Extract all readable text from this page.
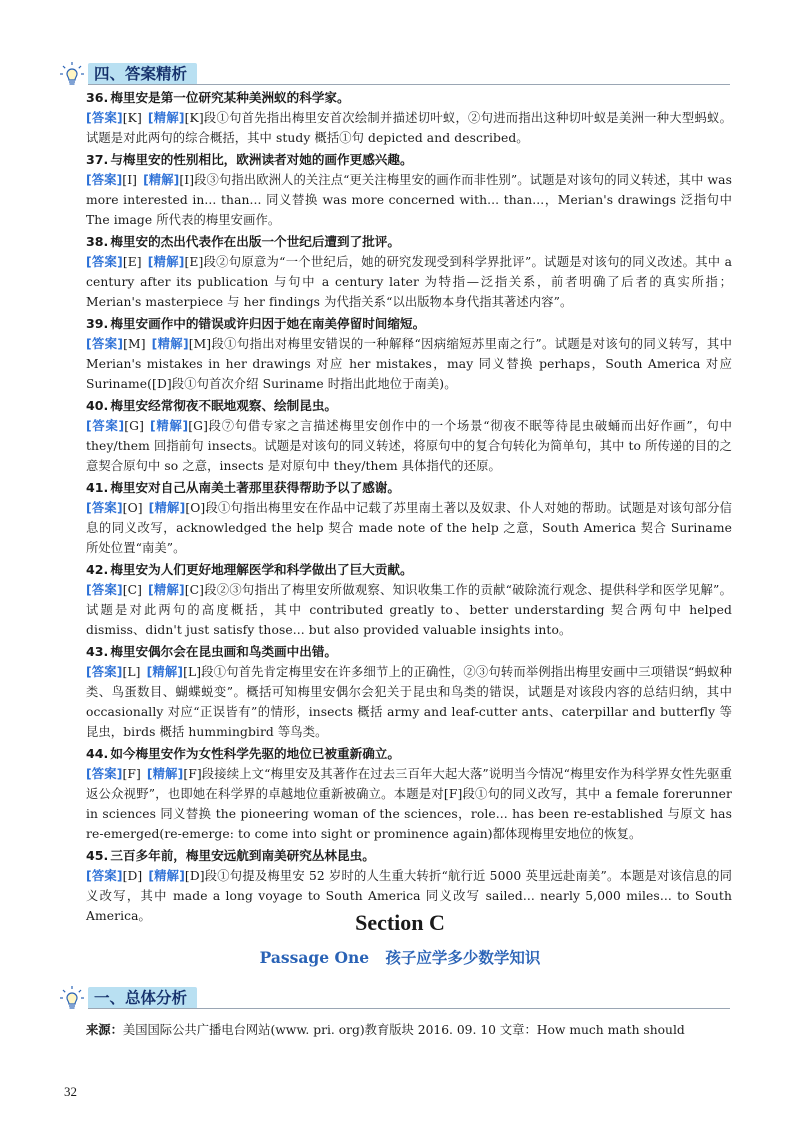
四、答案精析

36. 梅里安是第一位研究某种美洲蚁的科学家。

[答案][K] [精解][K]段①句首先指出梅里安首次绘制并描述切叶蚁，②句进而指出这种切叶蚁是美洲一种大型蚂蚁。试题是对此两句的综合概括，其中 study 概括①句 depicted and described。

37. 与梅里安的性别相比，欧洲读者对她的画作更感兴趣。

[答案][I] [精解][I]段③句指出欧洲人的关注点“更关注梅里安的画作而非性别”。试题是对该句的同义转述，其中 was more interested in... than... 同义替换 was more concerned with... than...，Merian's drawings 泛指句中 The image 所代表的梅里安画作。

38. 梅里安的杰出代表作在出版一个世纪后遭到了批评。

[答案][E] [精解][E]段②句原意为“一个世纪后，她的研究发现受到科学界批评”。试题是对该句的同义改述。其中 a century after its publication 与句中 a century later 为特指—泛指关系，前者明确了后者的真实所指；Merian's masterpiece 与 her findings 为代指关系“以出版物本身代指其著述内容”。

39. 梅里安画作中的错误或许归因于她在南美停留时间缩短。

[答案][M] [精解][M]段①句指出对梅里安错误的一种解释“因病缩短苏里南之行”。试题是对该句的同义转写，其中 Merian's mistakes in her drawings 对应 her mistakes，may 同义替换 perhaps，South America 对应 Suriname([D]段①句首次介绍 Suriname 时指出此地位于南美)。

40. 梅里安经常彻夜不眠地观察、绘制昆虫。

[答案][G] [精解][G]段⑦句借专家之言描述梅里安创作中的一个场景“彻夜不眠等待昆虫破蛹而出好作画”，句中 they/them 回指前句 insects。试题是对该句的同义转述，将原句中的复合句转化为简单句，其中 to 所传递的目的之意契合原句中 so 之意，insects 是对原句中 they/them 具体指代的还原。

41. 梅里安对自己从南美土著那里获得帮助予以了感谢。

[答案][O] [精解][O]段①句指出梅里安在作品中记载了苏里南土著以及奴隶、仆人对她的帮助。试题是对该句部分信息的同义改写，acknowledged the help 契合 made note of the help 之意，South America 契合 Suriname 所处位置“南美”。

42. 梅里安为人们更好地理解医学和科学做出了巨大贡献。

[答案][C] [精解][C]段②③句指出了梅里安所做观察、知识收集工作的贡献“破除流行观念、提供科学和医学见解”。试题是对此两句的高度概括，其中 contributed greatly to、better understarding 契合两句中 helped dismiss、didn't just satisfy those... but also provided valuable insights into。

43. 梅里安偶尔会在昆虫画和鸟类画中出错。

[答案][L] [精解][L]段①句首先肯定梅里安在许多细节上的正确性，②③句转而举例指出梅里安画中三项错误“蚂蚁种类、鸟蛋数目、蝴蝶蜕变”。概括可知梅里安偶尔会犯关于昆虫和鸟类的错误，试题是对该段内容的总结归纳，其中 occasionally 对应“正误皆有”的情形，insects 概括 army and leaf-cutter ants、caterpillar and butterfly 等昆虫，birds 概括 hummingbird 等鸟类。

44. 如今梅里安作为女性科学先驱的地位已被重新确立。

[答案][F] [精解][F]段接续上文“梅里安及其著作在过去三百年大起大落”说明当今情况“梅里安作为科学界女性先驱重返公众视野”，也即她在科学界的卓越地位重新被确立。本题是对[F]段①句的同义改写，其中 a female forerunner in sciences 同义替换 the pioneering woman of the sciences，role... has been re-established 与原文 has re-emerged(re-emerge: to come into sight or prominence again)都体现梅里安地位的恢复。

45. 三百多年前，梅里安远航到南美研究丛林昆虫。

[答案][D] [精解][D]段①句提及梅里安 52 岁时的人生重大转折“航行近 5000 英里远赴南美”。本题是对该信息的同义改写，其中 made a long voyage to South America 同义改写 sailed... nearly 5,000 miles... to South America。	Section C
Passage One 孩子应学多少数学知识
一、总体分析
来源：美国国际公共广播电台网站(www. pri. org)教育版块 2016. 09. 10 文章：How much math should
32
